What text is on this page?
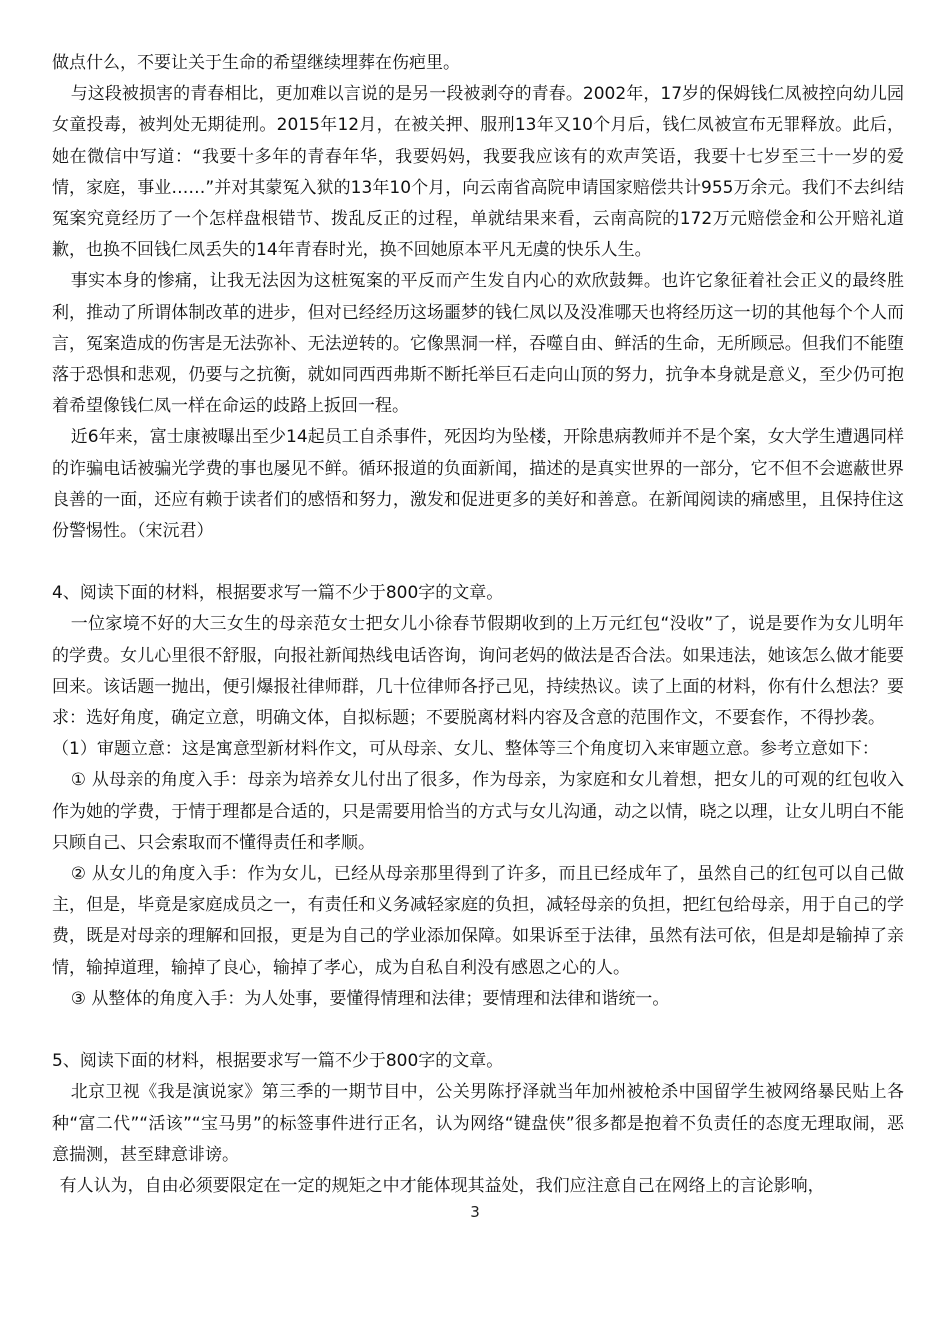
做点什么，不要让关于生命的希望继续埋葬在伤疤里。

与这段被损害的青春相比，更加难以言说的是另一段被剥夺的青春。2002年，17岁的保姆钱仁凤被控向幼儿园女童投毒，被判处无期徒刑。2015年12月，在被关押、服刑13年又10个月后，钱仁凤被宣布无罪释放。此后，她在微信中写道：“我要十多年的青春年华，我要妈妈，我要我应该有的欢声笑语，我要十七岁至三十一岁的爱情，家庭，事业……”并对其蒙冤入狱的13年10个月，向云南省高院申请国家赔偿共计955万余元。我们不去纠结冤案究竟经历了一个怎样盘根错节、拨乱反正的过程，单就结果来看，云南高院的172万元赔偿金和公开赔礼道歉，也换不回钱仁凤丢失的14年青春时光，换不回她原本平凡无虞的快乐人生。

事实本身的惨痛，让我无法因为这桩冤案的平反而产生发自内心的欢欣鼓舞。也许它象征着社会正义的最终胜利，推动了所谓体制改革的进步，但对已经经历这场噩梦的钱仁凤以及没准哪天也将经历这一切的其他每个个人而言，冤案造成的伤害是无法弥补、无法逆转的。它像黑洞一样，吞噬自由、鲜活的生命，无所顾忌。但我们不能堕落于恐惧和悲观，仍要与之抗衡，就如同西西弗斯不断托举巨石走向山顶的努力，抗争本身就是意义，至少仍可抱着希望像钱仁凤一样在命运的歧路上扳回一程。

近6年来，富士康被曝出至少14起员工自杀事件，死因均为坠楼，开除患病教师并不是个案，女大学生遭遇同样的诈骗电话被骗光学费的事也屡见不鲜。循环报道的负面新闻，描述的是真实世界的一部分，它不但不会遮蔽世界良善的一面，还应有赖于读者们的感悟和努力，激发和促进更多的美好和善意。在新闻阅读的痛感里，且保持住这份警惕性。（宋沅君）

4、阅读下面的材料，根据要求写一篇不少于800字的文章。

一位家境不好的大三女生的母亲范女士把女儿小徐春节假期收到的上万元红包“没收”了，说是要作为女儿明年的学费。女儿心里很不舒服，向报社新闻热线电话咨询，询问老妈的做法是否合法。如果违法，她该怎么做才能要回来。该话题一抛出，便引爆报社律师群，几十位律师各抒己见，持续热议。读了上面的材料，你有什么想法？要求：选好角度，确定立意，明确文体，自拟标题；不要脱离材料内容及含意的范围作文，不要套作，不得抄袭。

（1）审题立意：这是寓意型新材料作文，可从母亲、女儿、整体等三个角度切入来审题立意。参考立意如下：

① 从母亲的角度入手：母亲为培养女儿付出了很多，作为母亲，为家庭和女儿着想，把女儿的可观的红包收入作为她的学费，于情于理都是合适的，只是需要用恰当的方式与女儿沟通，动之以情，晓之以理，让女儿明白不能只顾自己、只会索取而不懂得责任和孝顺。

② 从女儿的角度入手：作为女儿，已经从母亲那里得到了许多，而且已经成年了，虽然自己的红包可以自己做主，但是，毕竟是家庭成员之一，有责任和义务减轻家庭的负担，减轻母亲的负担，把红包给母亲，用于自己的学费，既是对母亲的理解和回报，更是为自己的学业添加保障。如果诉至于法律，虽然有法可依，但是却是输掉了亲情，输掉道理，输掉了良心，输掉了孝心，成为自私自利没有感恩之心的人。

③ 从整体的角度入手：为人处事，要懂得情理和法律；要情理和法律和谐统一。

5、阅读下面的材料，根据要求写一篇不少于800字的文章。

北京卫视《我是演说家》第三季的一期节目中，公关男陈抒泽就当年加州被枪杀中国留学生被网络暴民贴上各种“富二代”“活该”“宝马男”的标签事件进行正名，认为网络“键盘侠”很多都是抱着不负责任的态度无理取闹，恶意揣测，甚至肆意诽谤。

有人认为，自由必须要限定在一定的规矩之中才能体现其益处，我们应注意自己在网络上的言论影响，

3
